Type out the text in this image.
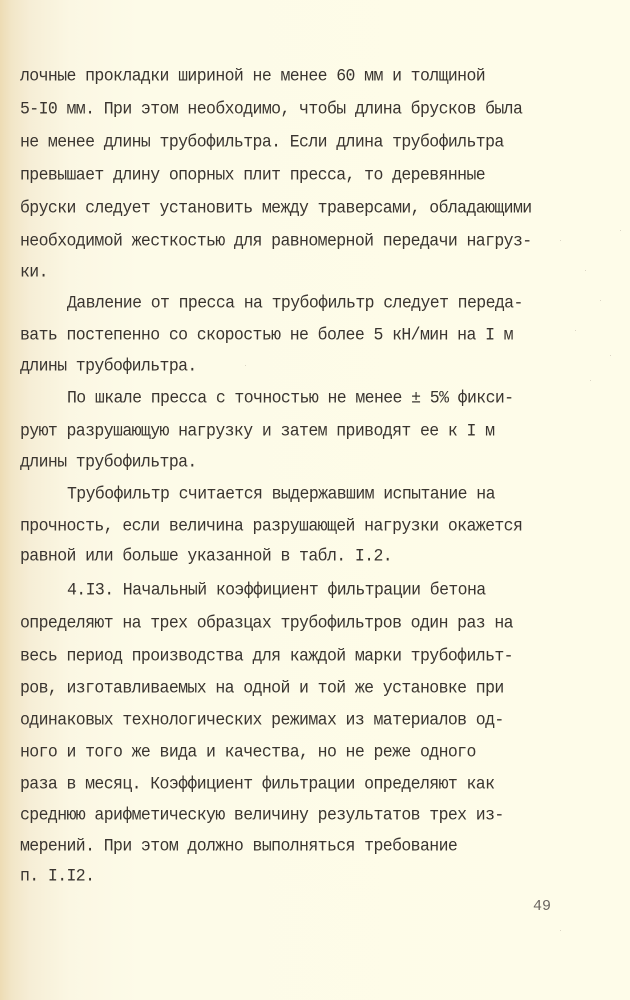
лочные прокладки шириной не менее 60 мм и толщиной
5-I0 мм. При этом необходимо, чтобы длина брусков была
не менее длины трубофильтра. Если длина трубофильтра
превышает длину опорных плит пресса, то деревянные
бруски следует установить между траверсами, обладающими
необходимой жесткостью для равномерной передачи нагруз-
ки.
Давление от пресса на трубофильтр следует переда-
вать постепенно со скоростью не более 5 кН/мин на I м
длины трубофильтра.
По шкале пресса с точностью не менее ± 5% фикси-
руют разрушающую нагрузку и затем приводят ее к I м
длины трубофильтра.
Трубофильтр считается выдержавшим испытание на
прочность, если величина разрушающей нагрузки окажется
равной или больше указанной в табл. I.2.
4.I3. Начальный коэффициент фильтрации бетона
определяют на трех образцах трубофильтров один раз на
весь период производства для каждой марки трубофильт-
ров, изготавливаемых на одной и той же установке при
одинаковых технологических режимах из материалов од-
ного и того же вида и качества, но не реже одного
раза в месяц. Коэффициент фильтрации определяют как
среднюю арифметическую величину результатов трех из-
мерений. При этом должно выполняться требование
п. I.I2.
49
